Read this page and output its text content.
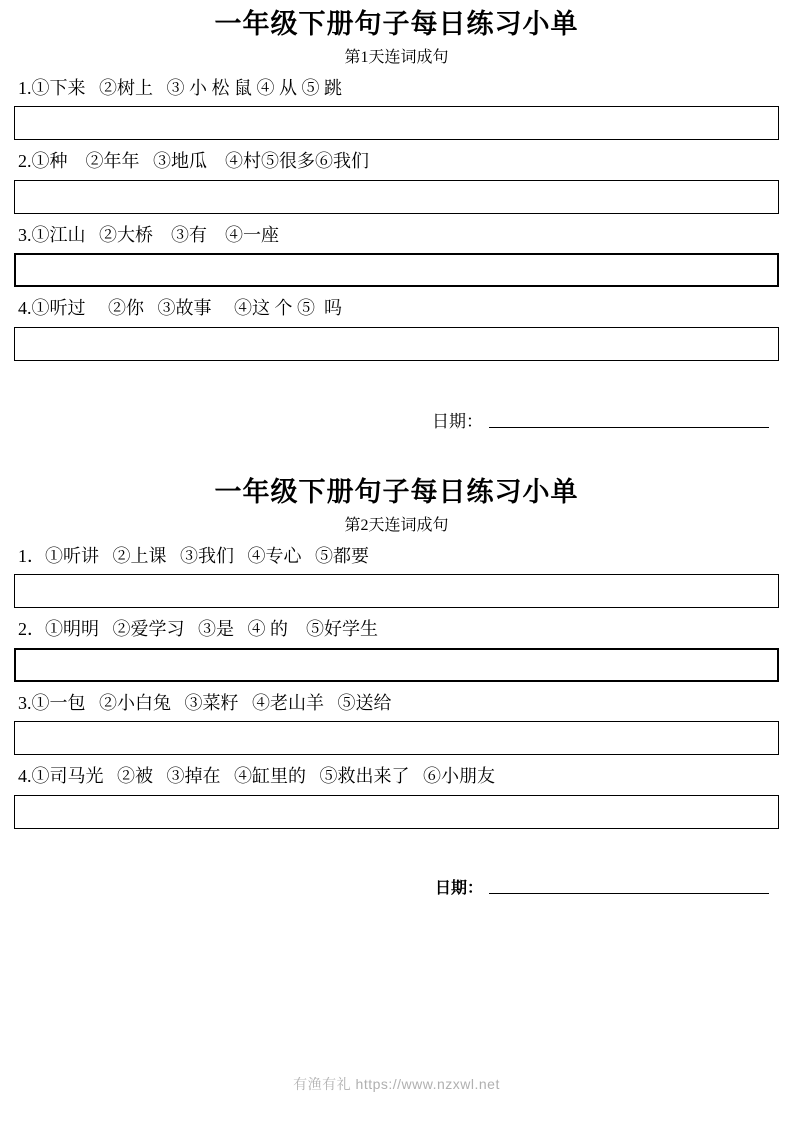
一年级下册句子每日练习小单
第1天连词成句
1.①下来   ②树上   ③ 小 松 鼠 ④ 从 ⑤ 跳
2.①种    ②年年   ③地瓜    ④村⑤很多⑥我们
3.①江山   ②大桥    ③有    ④一座
4.①听过     ②你   ③故事     ④这 个 ⑤  吗
日期：
一年级下册句子每日练习小单
第2天连词成句
1．①听讲   ②上课   ③我们   ④专心   ⑤都要
2．①明明   ②爱学习   ③是   ④ 的    ⑤好学生
3.①一包   ②小白兔   ③菜籽   ④老山羊   ⑤送给
4.①司马光   ②被   ③掉在   ④缸里的   ⑤救出来了   ⑥小朋友
日期：
有渔有礼 https://www.nzxwl.net
